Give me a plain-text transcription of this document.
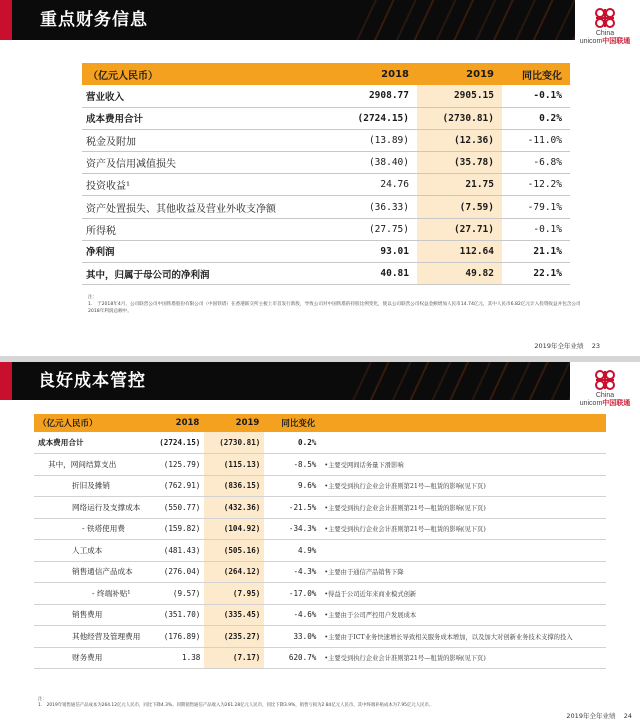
重点财务信息
China
unicom中国联通
（亿元人民币）	2018	2019	同比变化
营业收入	2908.77	2905.15	-0.1%
成本费用合计	(2724.15)	(2730.81)	0.2%
税金及附加	(13.89)	(12.36)	-11.0%
资产及信用减值损失	(38.40)	(35.78)	-6.8%
投资收益¹	24.76	21.75	-12.2%
资产处置损失、其他收益及营业外收支净额	(36.33)	(7.59)	-79.1%
所得税	(27.75)	(27.71)	-0.1%
净利润	93.01	112.64	21.1%
其中，归属于母公司的净利润	40.81	49.82	22.1%
注：
1.　于2018年4月，公司联营公司中国铁塔股份有限公司（中国铁塔）在香港联交所主板上市首发行新股，导致公司对中国铁塔的持股比例变化，使以公司联营公司权益金额增加人民币14.74亿元，其中人民币6.82亿元计入投资收益并包含公司2018年利润总额中。
2019年全年业绩 23
良好成本管控
China
unicom中国联通
（亿元人民币）	2018	2019	同比变化	
成本费用合计	(2724.15)	(2730.81)	0.2%	
其中，网间结算支出	(125.79)	(115.13)	-8.5%	•主要受网间话务量下滑影响
折旧及摊销	(762.91)	(836.15)	9.6%	•主要受到执行企业会计准则第21号—租赁的影响(见下页)
网络运行及支撑成本	(550.77)	(432.36)	-21.5%	•主要受到执行企业会计准则第21号—租赁的影响(见下页)
- 铁塔使用费	(159.82)	(104.92)	-34.3%	•主要受到执行企业会计准则第21号—租赁的影响(见下页)
人工成本	(481.43)	(505.16)	4.9%	
销售通信产品成本	(276.04)	(264.12)	-4.3%	•主要由于通信产品销售下降
- 终端补贴¹	(9.57)	(7.95)	-17.0%	•得益于公司近年来商业模式创新
销售费用	(351.70)	(335.45)	-4.6%	•主要由于公司严控用户发展成本
其他经营及管理费用	(176.89)	(235.27)	33.0%	•主要由于ICT业务快速增长导致相关服务成本增加，以及加大对创新业务技术支撑的投入
财务费用	1.38	(7.17)	620.7%	•主要受到执行企业会计准则第21号—租赁的影响(见下页)
注：
1.　2019年销售通信产品成本为264.12亿元人民币，同比下降4.3%。同期销售通信产品收入为261.28亿元人民币，同比下降3.9%，销售亏损为2.84亿元人民币，其中终端补贴成本为7.95亿元人民币。
2019年全年业绩 24
